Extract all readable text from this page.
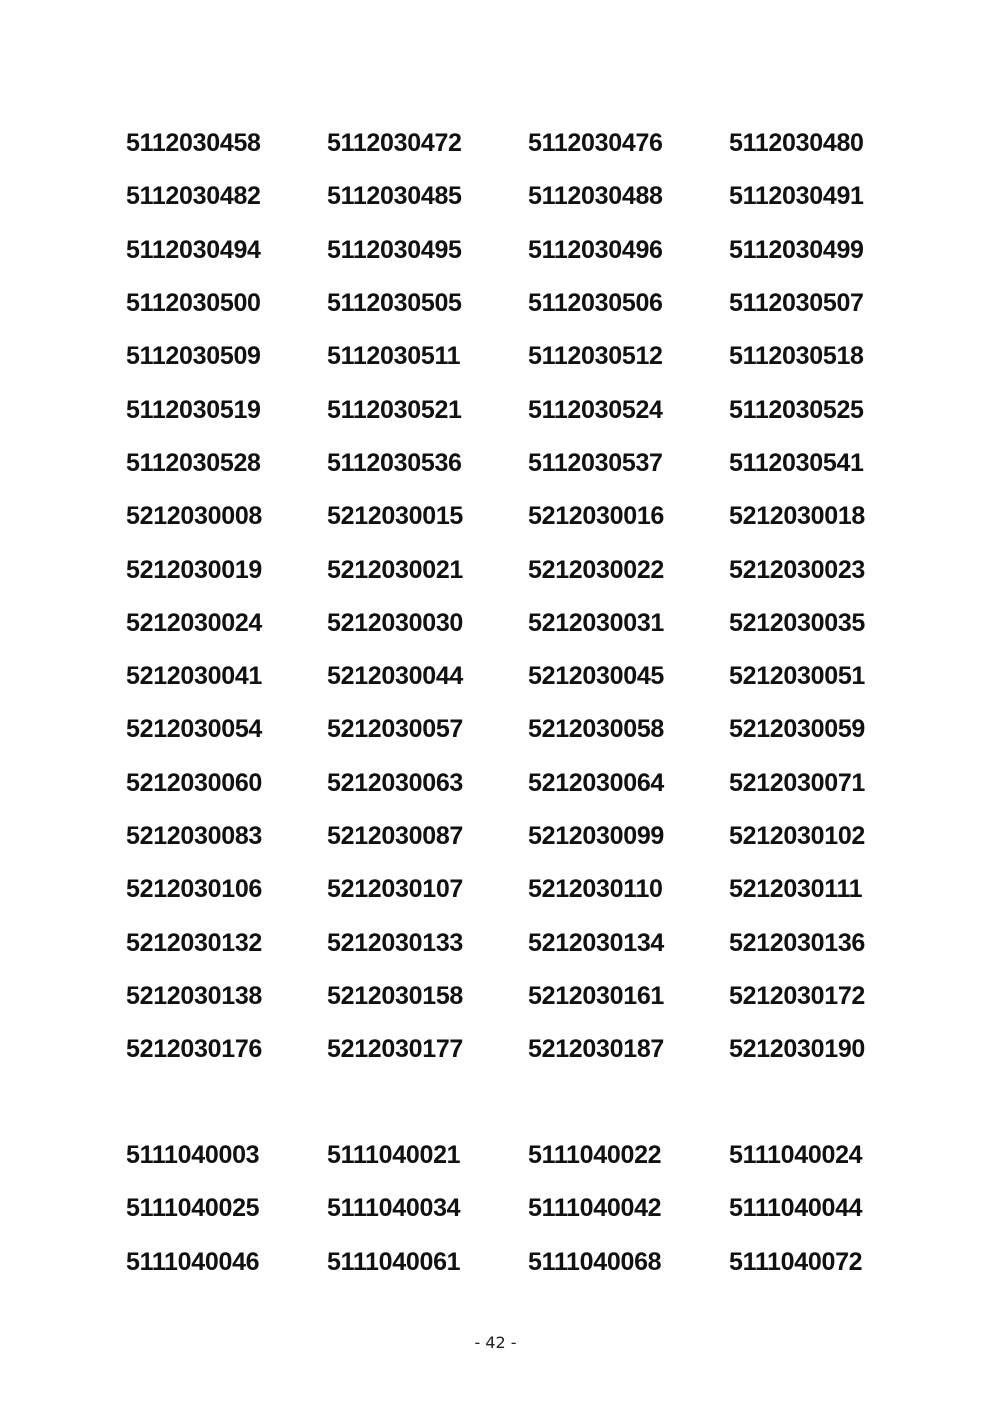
5112030458	5112030472	5112030476	5112030480
5112030482	5112030485	5112030488	5112030491
5112030494	5112030495	5112030496	5112030499
5112030500	5112030505	5112030506	5112030507
5112030509	5112030511	5112030512	5112030518
5112030519	5112030521	5112030524	5112030525
5112030528	5112030536	5112030537	5112030541
5212030008	5212030015	5212030016	5212030018
5212030019	5212030021	5212030022	5212030023
5212030024	5212030030	5212030031	5212030035
5212030041	5212030044	5212030045	5212030051
5212030054	5212030057	5212030058	5212030059
5212030060	5212030063	5212030064	5212030071
5212030083	5212030087	5212030099	5212030102
5212030106	5212030107	5212030110	5212030111
5212030132	5212030133	5212030134	5212030136
5212030138	5212030158	5212030161	5212030172
5212030176	5212030177	5212030187	5212030190
5111040003	5111040021	5111040022	5111040024
5111040025	5111040034	5111040042	5111040044
5111040046	5111040061	5111040068	5111040072
- 42 -
